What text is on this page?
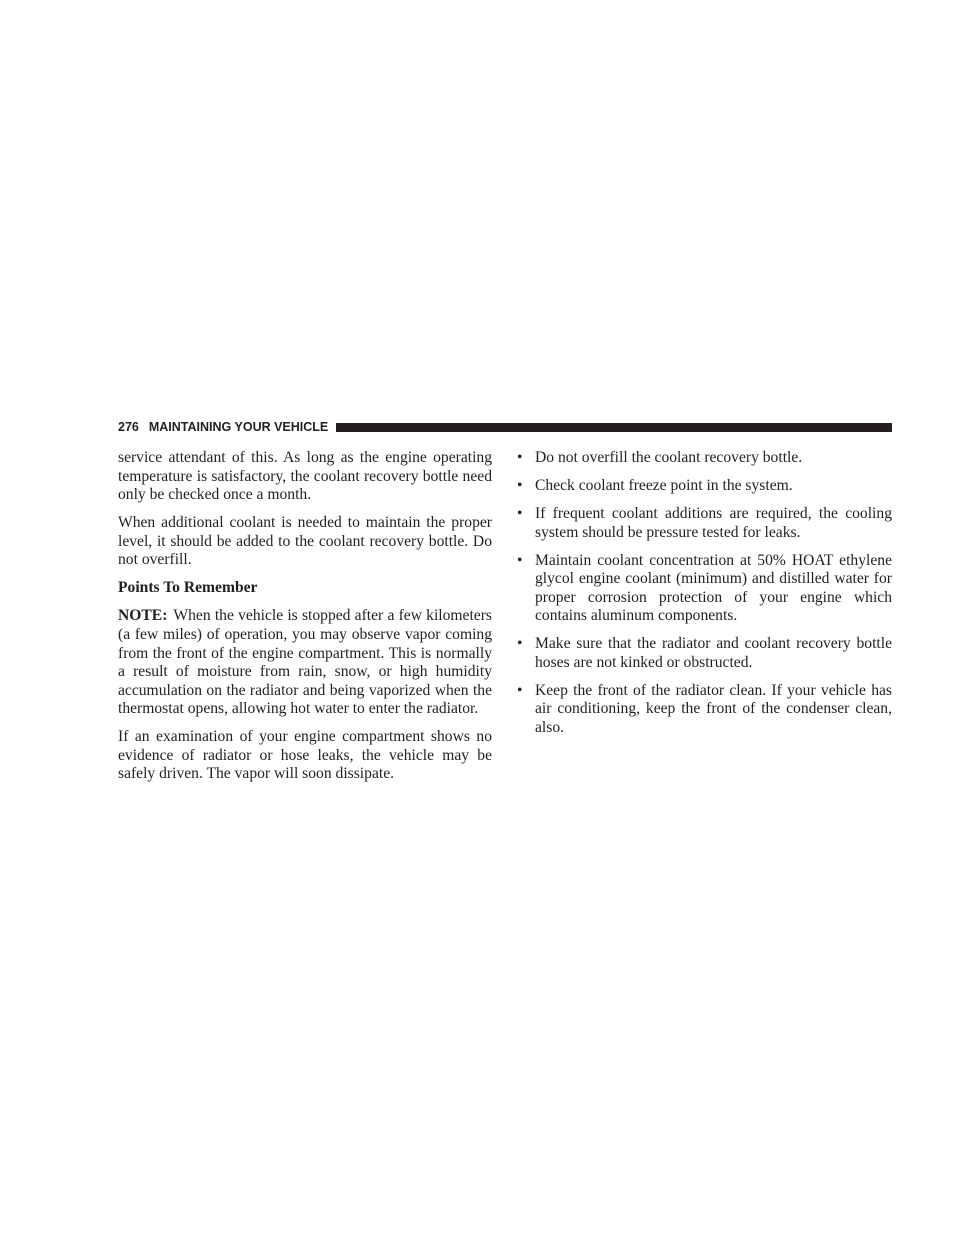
276 MAINTAINING YOUR VEHICLE

service attendant of this. As long as the engine operating temperature is satisfactory, the coolant recovery bottle need only be checked once a month.

When additional coolant is needed to maintain the proper level, it should be added to the coolant recovery bottle. Do not overfill.

Points To Remember

NOTE: When the vehicle is stopped after a few kilometers (a few miles) of operation, you may observe vapor coming from the front of the engine compartment. This is normally a result of moisture from rain, snow, or high humidity accumulation on the radiator and being vaporized when the thermostat opens, allowing hot water to enter the radiator.

If an examination of your engine compartment shows no evidence of radiator or hose leaks, the vehicle may be safely driven. The vapor will soon dissipate.

• Do not overfill the coolant recovery bottle.
• Check coolant freeze point in the system.
• If frequent coolant additions are required, the cooling system should be pressure tested for leaks.
• Maintain coolant concentration at 50% HOAT ethylene glycol engine coolant (minimum) and distilled water for proper corrosion protection of your engine which contains aluminum components.
• Make sure that the radiator and coolant recovery bottle hoses are not kinked or obstructed.
• Keep the front of the radiator clean. If your vehicle has air conditioning, keep the front of the condenser clean, also.
